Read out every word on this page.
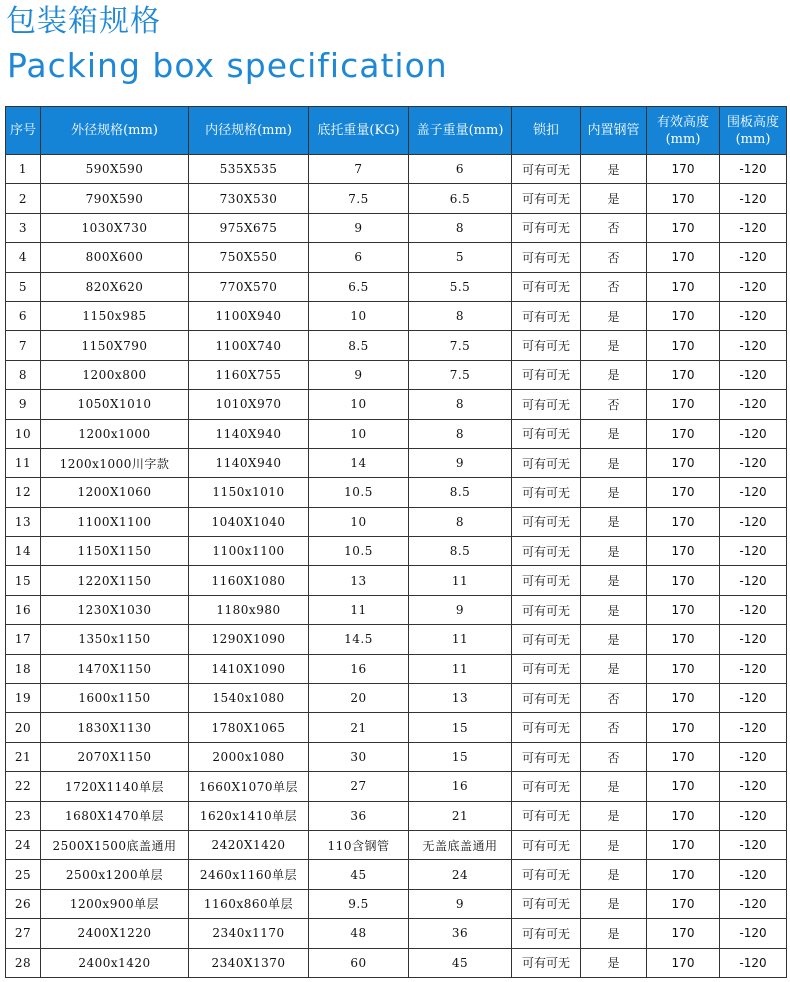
包装箱规格
Packing box specification
序号	外径规格(mm)	内径规格(mm)	底托重量(KG)	盖子重量(mm)	锁扣	内置钢管	有效高度(mm)	围板高度(mm)
1	590X590	535X535	7	6	可有可无	是	170	-120
2	790X590	730X530	7.5	6.5	可有可无	是	170	-120
3	1030X730	975X675	9	8	可有可无	否	170	-120
4	800X600	750X550	6	5	可有可无	否	170	-120
5	820X620	770X570	6.5	5.5	可有可无	否	170	-120
6	1150x985	1100X940	10	8	可有可无	是	170	-120
7	1150X790	1100X740	8.5	7.5	可有可无	是	170	-120
8	1200x800	1160X755	9	7.5	可有可无	是	170	-120
9	1050X1010	1010X970	10	8	可有可无	否	170	-120
10	1200x1000	1140X940	10	8	可有可无	是	170	-120
11	1200x1000川字款	1140X940	14	9	可有可无	是	170	-120
12	1200X1060	1150x1010	10.5	8.5	可有可无	是	170	-120
13	1100X1100	1040X1040	10	8	可有可无	是	170	-120
14	1150X1150	1100x1100	10.5	8.5	可有可无	是	170	-120
15	1220X1150	1160X1080	13	11	可有可无	是	170	-120
16	1230X1030	1180x980	11	9	可有可无	是	170	-120
17	1350x1150	1290X1090	14.5	11	可有可无	是	170	-120
18	1470X1150	1410X1090	16	11	可有可无	是	170	-120
19	1600x1150	1540x1080	20	13	可有可无	否	170	-120
20	1830X1130	1780X1065	21	15	可有可无	否	170	-120
21	2070X1150	2000x1080	30	15	可有可无	否	170	-120
22	1720X1140单层	1660X1070单层	27	16	可有可无	是	170	-120
23	1680X1470单层	1620x1410单层	36	21	可有可无	是	170	-120
24	2500X1500底盖通用	2420X1420	110含钢管	无盖底盖通用	可有可无	是	170	-120
25	2500x1200单层	2460x1160单层	45	24	可有可无	是	170	-120
26	1200x900单层	1160x860单层	9.5	9	可有可无	是	170	-120
27	2400X1220	2340x1170	48	36	可有可无	是	170	-120
28	2400x1420	2340X1370	60	45	可有可无	是	170	-120
